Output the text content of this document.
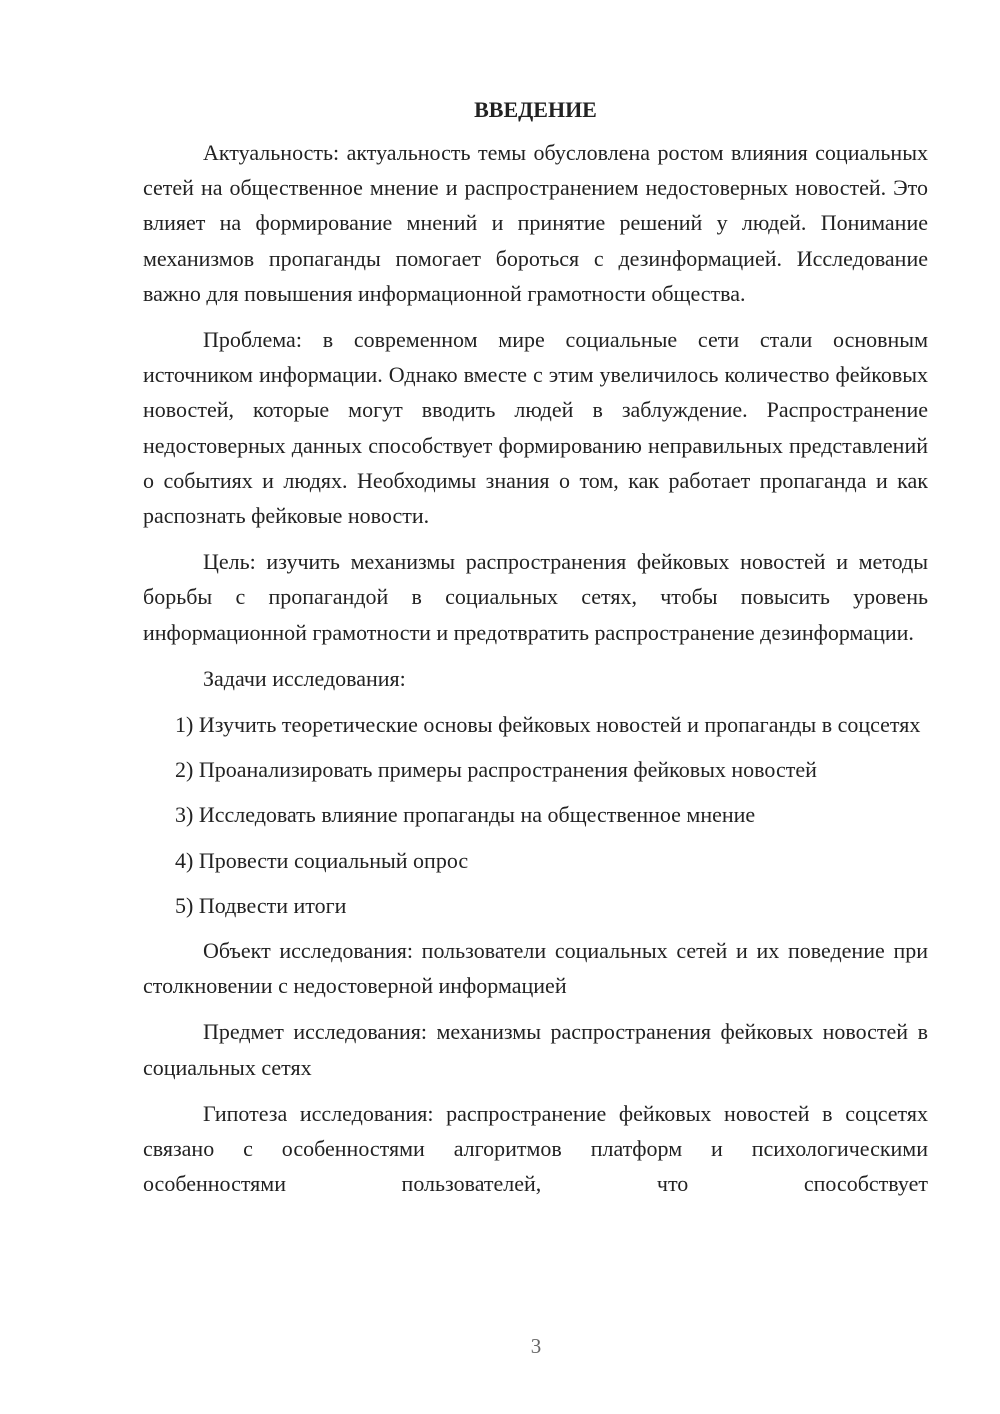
ВВЕДЕНИЕ

Актуальность: актуальность темы обусловлена ростом влияния социальных сетей на общественное мнение и распространением недостоверных новостей. Это влияет на формирование мнений и принятие решений у людей. Понимание механизмов пропаганды помогает бороться с дезинформацией. Исследование важно для повышения информационной грамотности общества.

Проблема: в современном мире социальные сети стали основным источником информации. Однако вместе с этим увеличилось количество фейковых новостей, которые могут вводить людей в заблуждение. Распространение недостоверных данных способствует формированию неправильных представлений о событиях и людях. Необходимы знания о том, как работает пропаганда и как распознать фейковые новости.

Цель: изучить механизмы распространения фейковых новостей и методы борьбы с пропагандой в социальных сетях, чтобы повысить уровень информационной грамотности и предотвратить распространение дезинформации.

Задачи исследования:

1) Изучить теоретические основы фейковых новостей и пропаганды в соцсетях

2) Проанализировать примеры распространения фейковых новостей

3) Исследовать влияние пропаганды на общественное мнение

4) Провести социальный опрос

5) Подвести итоги

Объект исследования: пользователи социальных сетей и их поведение при столкновении с недостоверной информацией

Предмет исследования: механизмы распространения фейковых новостей в социальных сетях

Гипотеза исследования: распространение фейковых новостей в соцсетях связано с особенностями алгоритмов платформ и психологическими особенностями пользователей, что способствует

3
